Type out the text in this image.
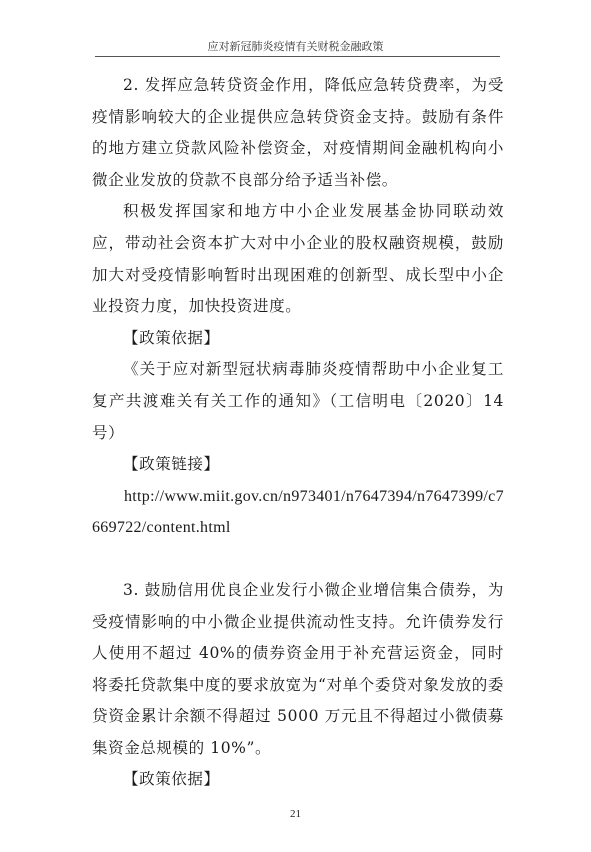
应对新冠肺炎疫情有关财税金融政策

2. 发挥应急转贷资金作用，降低应急转贷费率，为受疫情影响较大的企业提供应急转贷资金支持。鼓励有条件的地方建立贷款风险补偿资金，对疫情期间金融机构向小微企业发放的贷款不良部分给予适当补偿。

积极发挥国家和地方中小企业发展基金协同联动效应，带动社会资本扩大对中小企业的股权融资规模，鼓励加大对受疫情影响暂时出现困难的创新型、成长型中小企业投资力度，加快投资进度。

【政策依据】

《关于应对新型冠状病毒肺炎疫情帮助中小企业复工复产共渡难关有关工作的通知》（工信明电〔2020〕14 号）

【政策链接】

http://www.miit.gov.cn/n973401/n7647394/n7647399/c7669722/content.html

3. 鼓励信用优良企业发行小微企业增信集合债券，为受疫情影响的中小微企业提供流动性支持。允许债券发行人使用不超过 40%的债券资金用于补充营运资金，同时将委托贷款集中度的要求放宽为“对单个委贷对象发放的委贷资金累计余额不得超过 5000 万元且不得超过小微债募集资金总规模的 10%”。

【政策依据】

21
